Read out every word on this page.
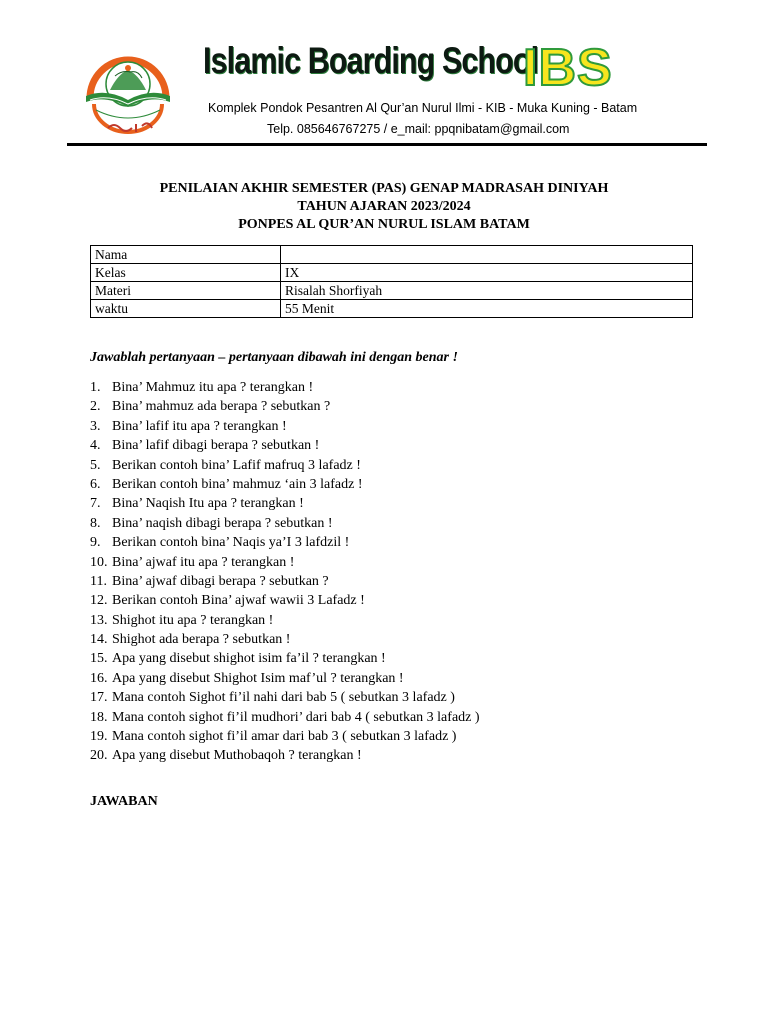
Islamic Boarding School
IBS
Komplek Pondok Pesantren Al Qur’an Nurul Ilmi - KIB - Muka Kuning - Batam
Telp. 085646767275 / e_mail: ppqnibatam@gmail.com
PENILAIAN AKHIR SEMESTER (PAS) GENAP MADRASAH DINIYAH
TAHUN AJARAN 2023/2024
PONPES AL QUR’AN NURUL ISLAM BATAM
Nama	
Kelas	IX
Materi	Risalah Shorfiyah
waktu	55 Menit
Jawablah pertanyaan – pertanyaan dibawah ini dengan benar !
1. Bina’ Mahmuz itu apa ? terangkan !
2. Bina’ mahmuz ada berapa ? sebutkan ?
3. Bina’ lafif itu apa ? terangkan !
4. Bina’ lafif dibagi berapa ? sebutkan !
5. Berikan contoh bina’ Lafif mafruq 3 lafadz !
6. Berikan contoh bina’ mahmuz ‘ain 3 lafadz !
7. Bina’ Naqish Itu apa ? terangkan !
8. Bina’ naqish dibagi berapa ? sebutkan !
9. Berikan contoh bina’ Naqis ya’I 3 lafdzil !
10. Bina’ ajwaf itu apa ? terangkan !
11. Bina’ ajwaf dibagi berapa ? sebutkan ?
12. Berikan contoh Bina’ ajwaf wawii 3 Lafadz !
13. Shighot itu apa ? terangkan !
14. Shighot ada berapa ? sebutkan !
15. Apa yang disebut shighot isim fa’il ? terangkan !
16. Apa yang disebut Shighot Isim maf’ul ? terangkan !
17. Mana contoh Sighot fi’il nahi dari bab 5 ( sebutkan 3 lafadz )
18. Mana contoh sighot fi’il mudhori’ dari bab 4 ( sebutkan 3 lafadz )
19. Mana contoh sighot fi’il amar dari bab 3 ( sebutkan 3 lafadz )
20. Apa yang disebut Muthobaqoh ? terangkan !
JAWABAN
